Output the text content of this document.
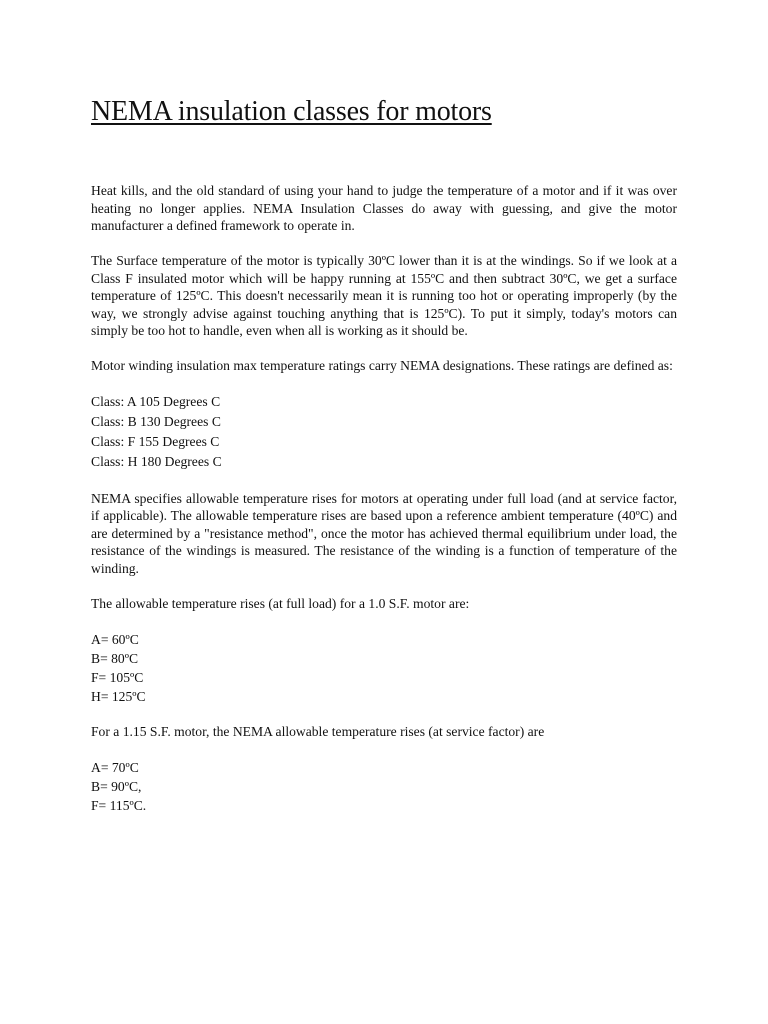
NEMA insulation classes for motors

Heat kills, and the old standard of using your hand to judge the temperature of a motor and if it was over heating no longer applies. NEMA Insulation Classes do away with guessing, and give the motor manufacturer a defined framework to operate in.

The Surface temperature of the motor is typically 30ºC lower than it is at the windings. So if we look at a Class F insulated motor which will be happy running at 155ºC and then subtract 30ºC, we get a surface temperature of 125ºC. This doesn't necessarily mean it is running too hot or operating improperly (by the way, we strongly advise against touching anything that is 125ºC). To put it simply, today's motors can simply be too hot to handle, even when all is working as it should be.

Motor winding insulation max temperature ratings carry NEMA designations. These ratings are defined as:

Class: A 105 Degrees C
Class: B 130 Degrees C
Class: F 155 Degrees C
Class: H 180 Degrees C

NEMA specifies allowable temperature rises for motors at operating under full load (and at service factor, if applicable). The allowable temperature rises are based upon a reference ambient temperature (40ºC) and are determined by a "resistance method", once the motor has achieved thermal equilibrium under load, the resistance of the windings is measured. The resistance of the winding is a function of temperature of the winding.

The allowable temperature rises (at full load) for a 1.0 S.F. motor are:

A= 60ºC
B= 80ºC
F= 105ºC
H= 125ºC

For a 1.15 S.F. motor, the NEMA allowable temperature rises (at service factor) are

A= 70ºC
B= 90ºC,
F= 115ºC.
